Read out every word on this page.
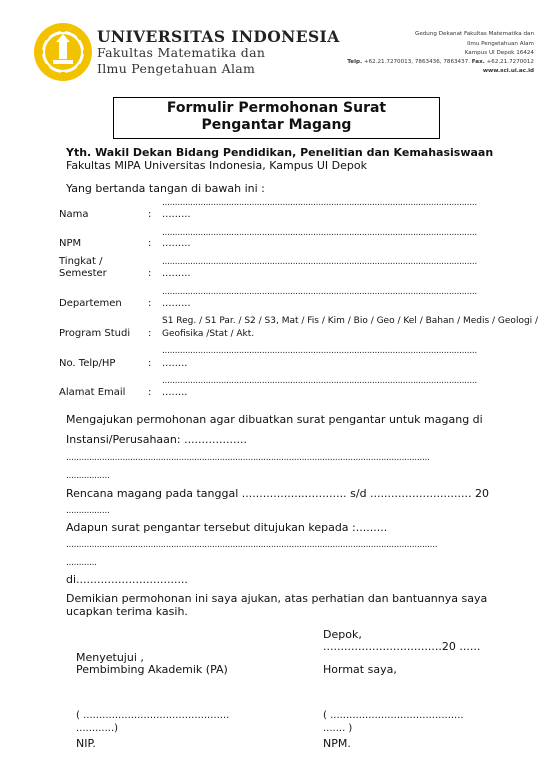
UNIVERSITAS INDONESIA
Fakultas Matematika dan
Ilmu Pengetahuan Alam
Gedung Dekanat Fakultas Matematika dan
Ilmu Pengetahuan Alam
Kampus UI Depok 16424
Telp. +62.21.7270013, 7863436, 7863437. Fax. +62.21.7270012
www.sci.ui.ac.id
Formulir Permohonan Surat
Pengantar Magang
Yth. Wakil Dekan Bidang Pendidikan, Penelitian dan Kemahasiswaan
Fakultas MIPA Universitas Indonesia, Kampus UI Depok
Yang bertanda tangan di bawah ini :
...........................................................................................................................
Nama	: .........
...........................................................................................................................
NPM	: .........
Tingkat /	...........................................................................................................................
Semester	: .........
...........................................................................................................................
Departemen	: .........
S1 Reg. / S1 Par. / S2 / S3, Mat / Fis / Kim / Bio / Geo / Kel / Bahan / Medis / Geologi /
Program Studi : Geofisika /Stat / Akt.
...........................................................................................................................
No. Telp/HP	: ........
...........................................................................................................................
Alamat Email : ........
Mengajukan permohonan agar dibuatkan surat pengantar untuk magang di
Instansi/Perusahaan: ..................
..............................................................................................................................................
.................
Rencana magang pada tanggal .............................. s/d ............................. 20
.................
Adapun surat pengantar tersebut ditujukan kepada :.........
.................................................................................................................................................
............
di................................
Demikian permohonan ini saya ajukan, atas perhatian dan bantuannya saya
ucapkan terima kasih.
Depok,
..................................20 ......
Menyetujui ,
Pembimbing Akademik (PA)	Hormat saya,
( ..............................................
............)
NIP.
( ..........................................
....... )
NPM.
